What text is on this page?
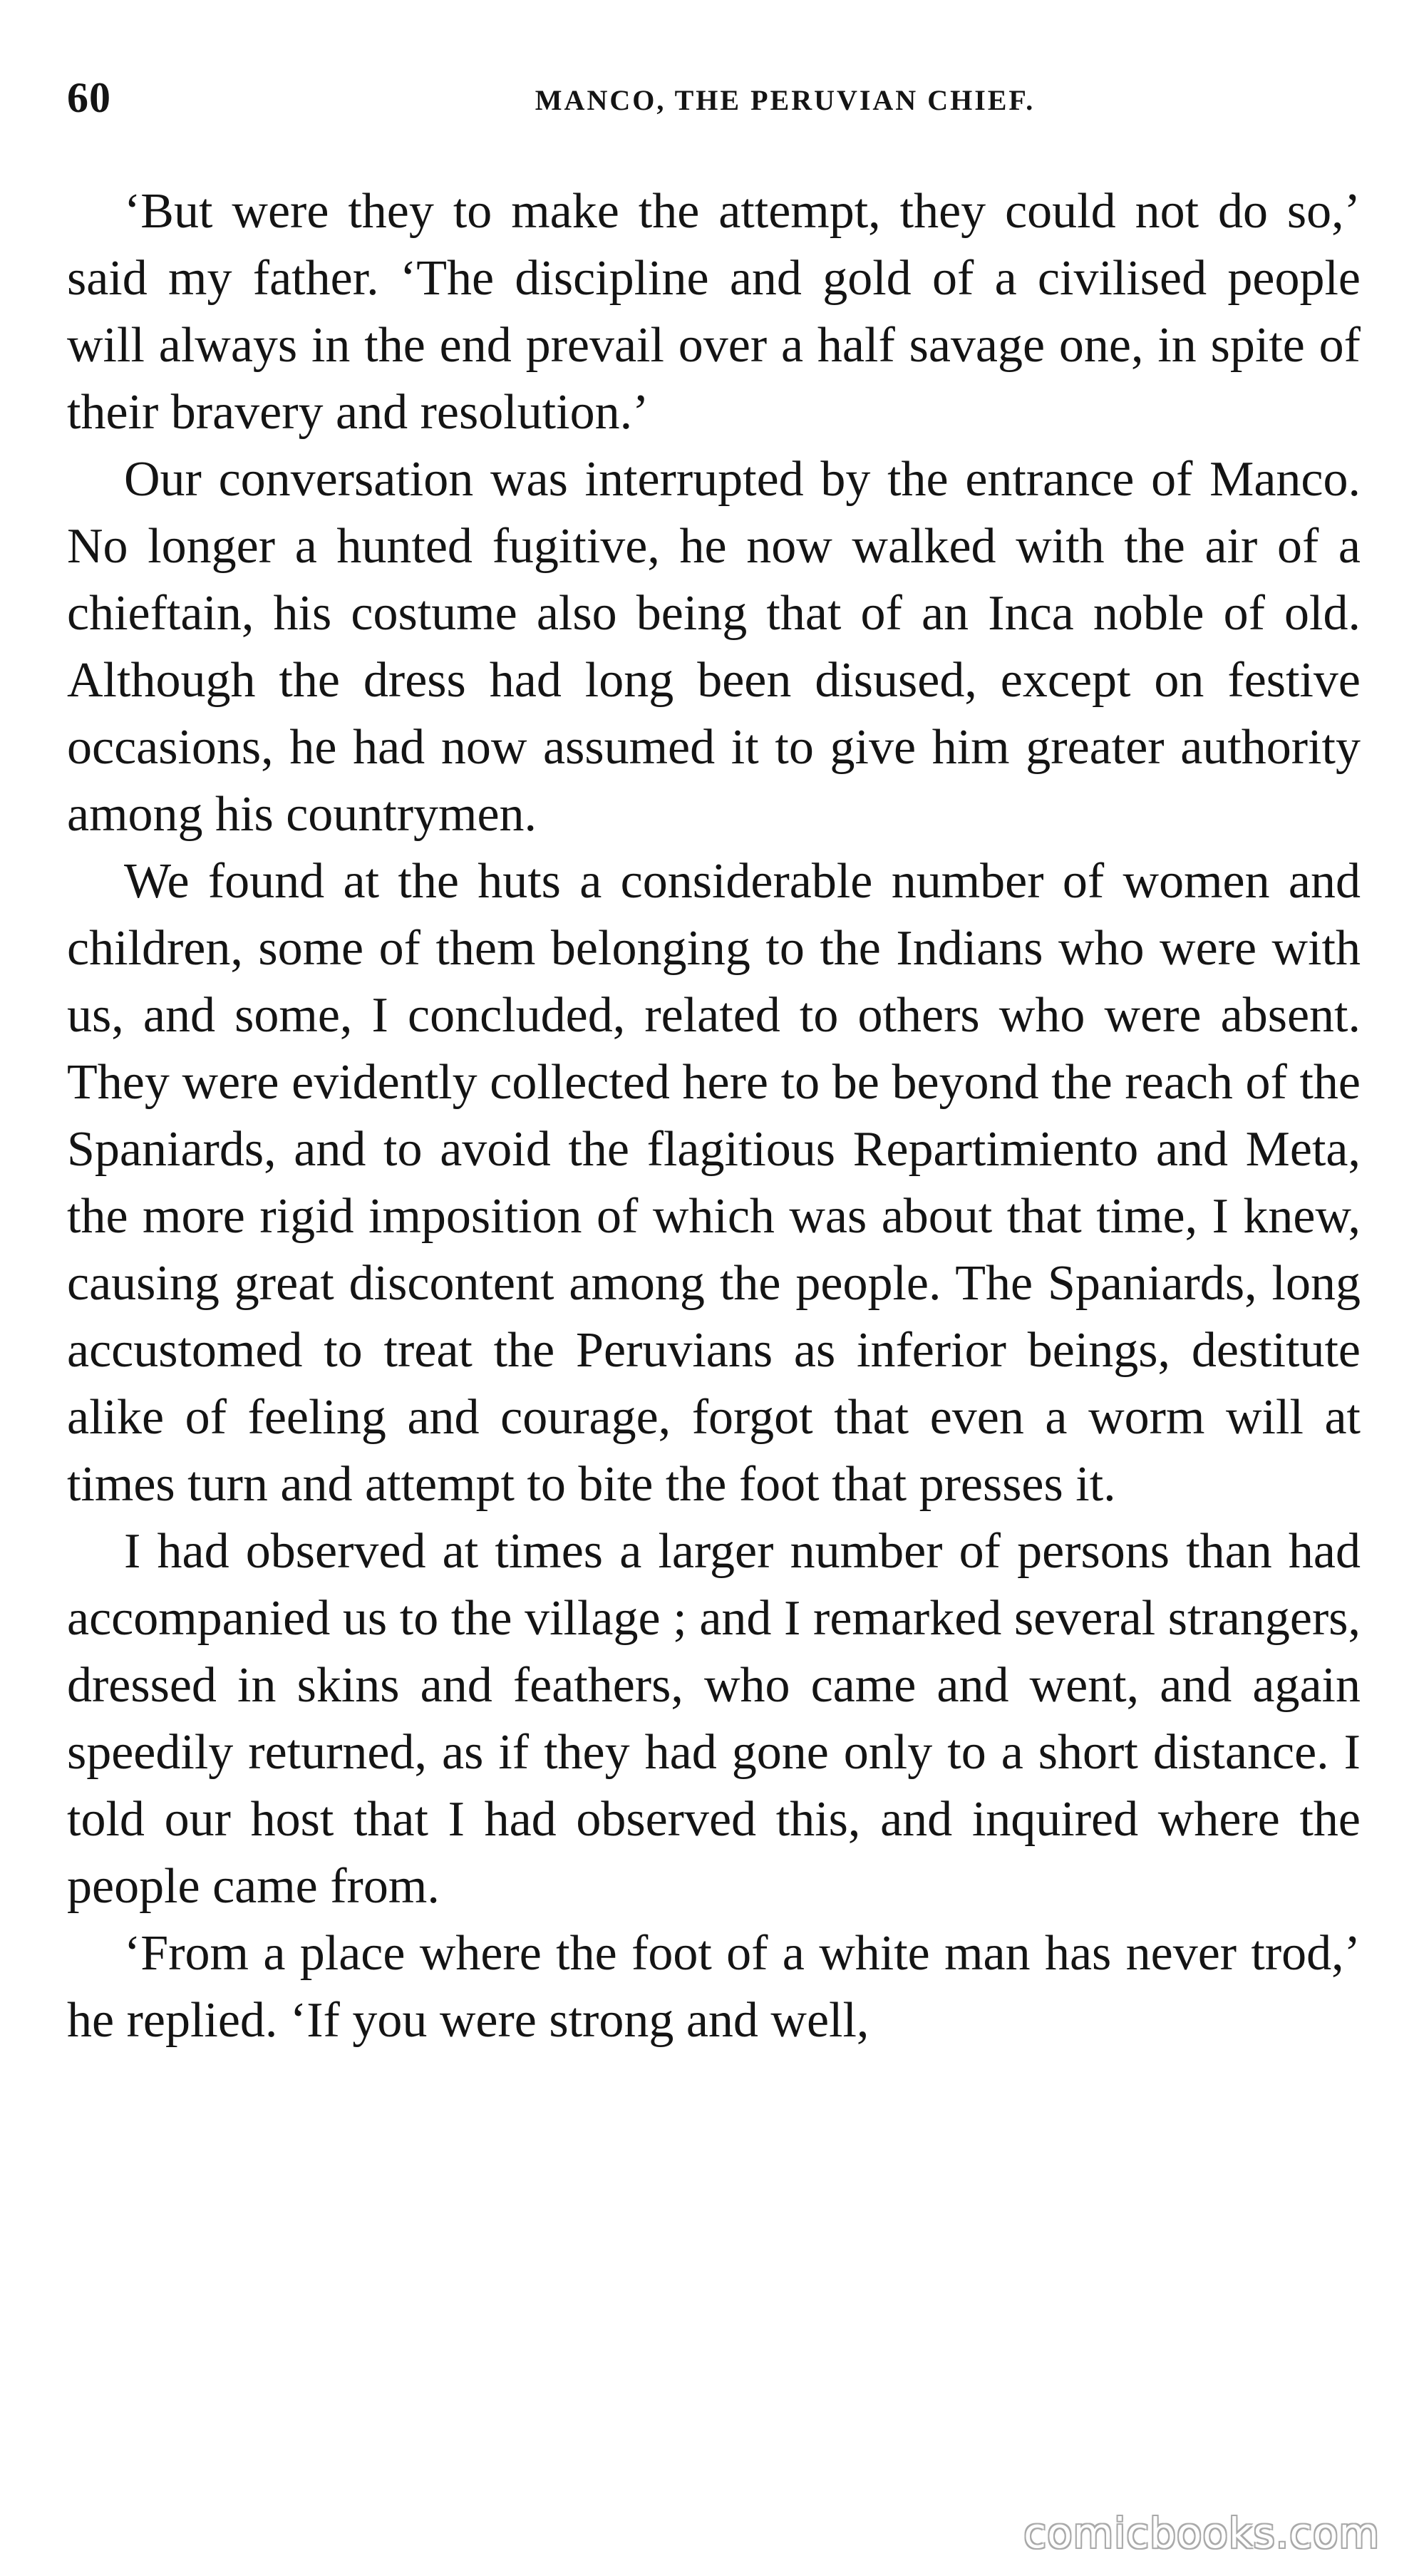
60	MANCO, THE PERUVIAN CHIEF.

‘But were they to make the attempt, they could not do so,’ said my father. ‘The discipline and gold of a civilised people will always in the end prevail over a half savage one, in spite of their bravery and resolution.’

Our conversation was interrupted by the entrance of Manco. No longer a hunted fugitive, he now walked with the air of a chieftain, his costume also being that of an Inca noble of old. Although the dress had long been disused, except on festive occasions, he had now assumed it to give him greater authority among his countrymen.

We found at the huts a considerable number of women and children, some of them belonging to the Indians who were with us, and some, I concluded, related to others who were absent. They were evidently collected here to be beyond the reach of the Spaniards, and to avoid the flagitious Repartimiento and Meta, the more rigid imposition of which was about that time, I knew, causing great discontent among the people. The Spaniards, long accustomed to treat the Peruvians as inferior beings, destitute alike of feeling and courage, forgot that even a worm will at times turn and attempt to bite the foot that presses it.

I had observed at times a larger number of persons than had accompanied us to the village ; and I remarked several strangers, dressed in skins and feathers, who came and went, and again speedily returned, as if they had gone only to a short distance. I told our host that I had observed this, and inquired where the people came from.

‘From a place where the foot of a white man has never trod,’ he replied. ‘If you were strong and well,

comicbooks.com
